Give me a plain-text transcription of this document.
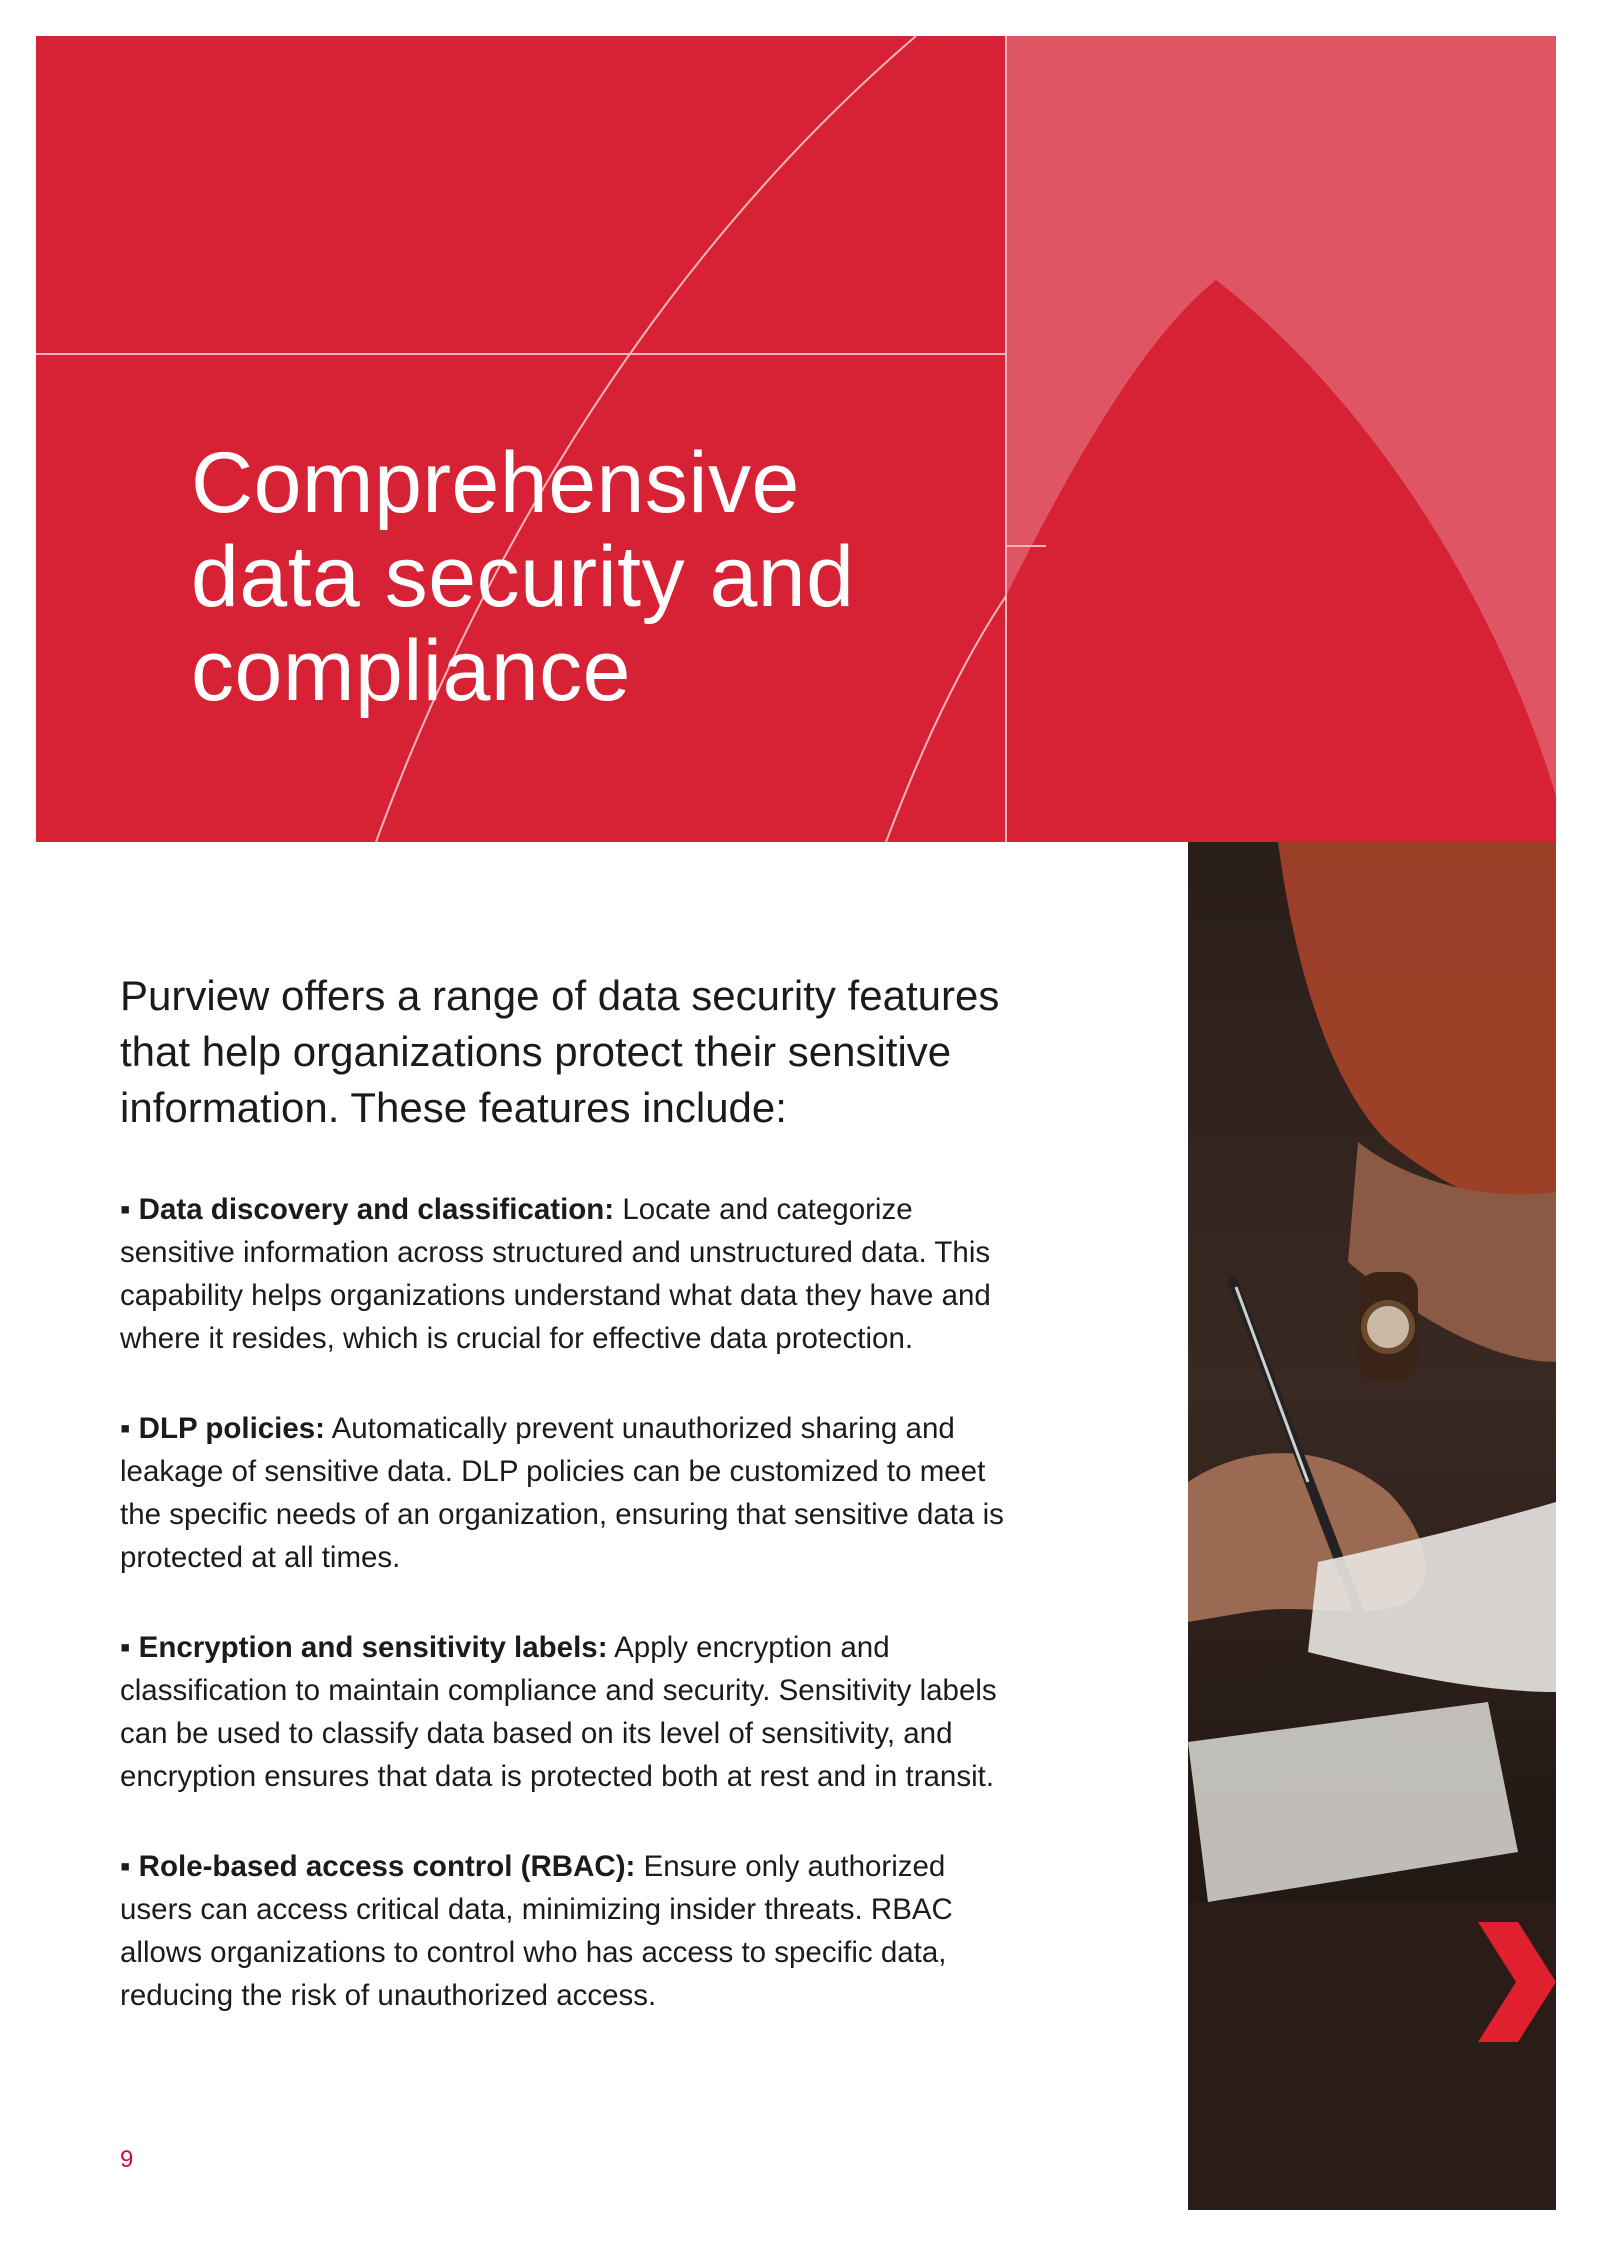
Comprehensive
data security and
compliance

Purview offers a range of data security features that help organizations protect their sensitive information. These features include:

▪ Data discovery and classification: Locate and categorize sensitive information across structured and unstructured data. This capability helps organizations understand what data they have and where it resides, which is crucial for effective data protection.

▪ DLP policies: Automatically prevent unauthorized sharing and leakage of sensitive data. DLP policies can be customized to meet the specific needs of an organization, ensuring that sensitive data is protected at all times.

▪ Encryption and sensitivity labels: Apply encryption and classification to maintain compliance and security. Sensitivity labels can be used to classify data based on its level of sensitivity, and encryption ensures that data is protected both at rest and in transit.

▪ Role-based access control (RBAC): Ensure only authorized users can access critical data, minimizing insider threats. RBAC allows organizations to control who has access to specific data, reducing the risk of unauthorized access.

9
